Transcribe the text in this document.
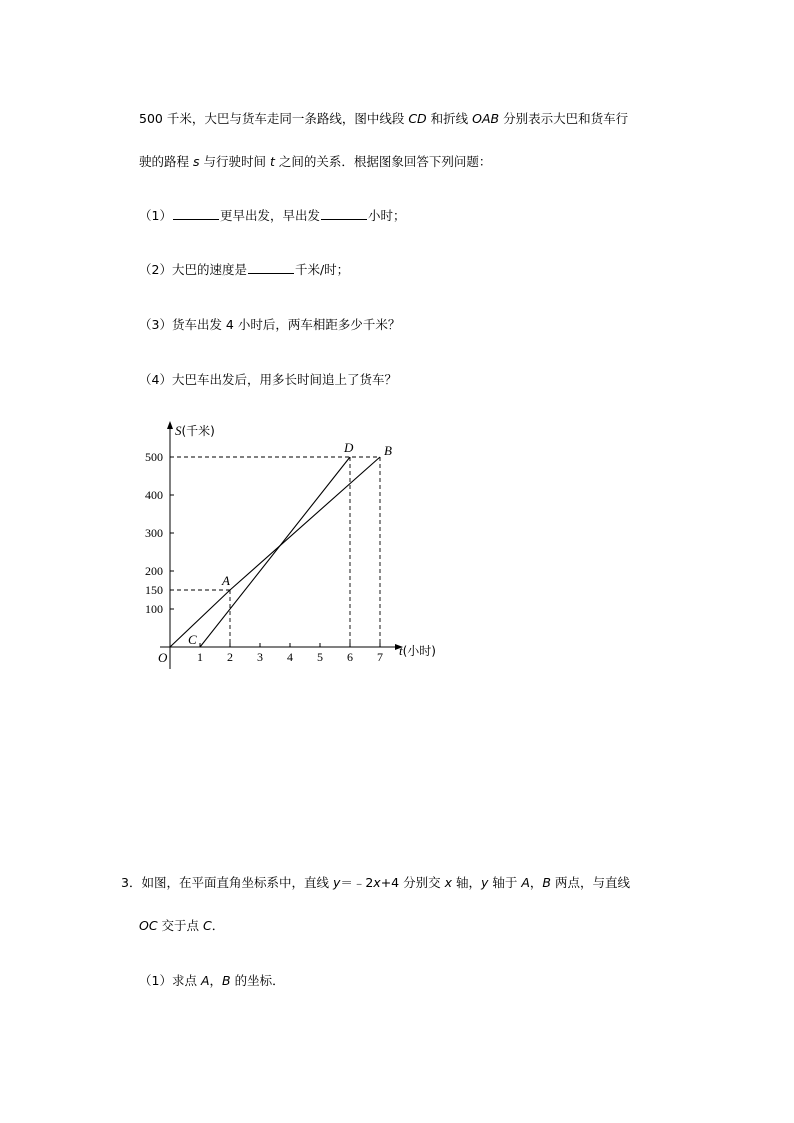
500 千米，大巴与货车走同一条路线，图中线段 CD 和折线 OAB 分别表示大巴和货车行
驶的路程 s 与行驶时间 t 之间的关系．根据图象回答下列问题：
（1）	更早出发，早出发	小时；
（2）大巴的速度是	千米/时；
（3）货车出发 4 小时后，两车相距多少千米？
（4）大巴车出发后，用多长时间追上了货车？
1 2 3 4 5 6 7
100
150
200
300
400
500
S(千米)
t(小时)
O
A
B
C
D
3．如图，在平面直角坐标系中，直线 y＝﹣2x+4 分别交 x 轴，y 轴于 A，B 两点，与直线
OC 交于点 C．
（1）求点 A，B 的坐标．
